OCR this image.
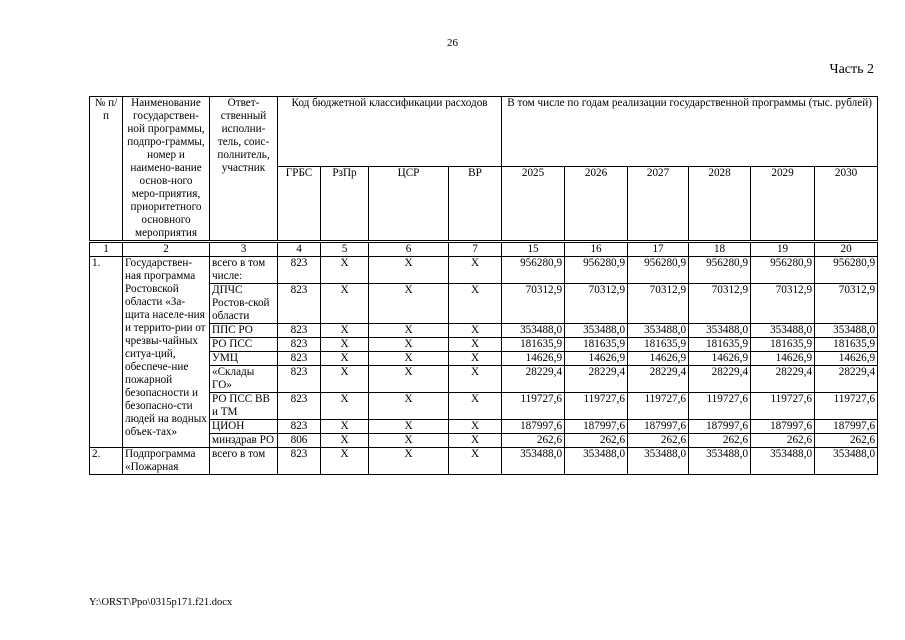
26
Часть 2
№ п/п	Наименование государствен-ной программы, подпро-граммы, номер и наимено-вание основ-ного меро-приятия, приоритетного основного мероприятия	Ответ-ственный исполни-тель, соис-полнитель, участник	Код бюджетной классификации расходов				В том числе по годам реализации государственной программы (тыс. рублей)					
			ГРБС	РзПр	ЦСР	ВР	2025	2026	2027	2028	2029	2030
1	2	3	4	5	6	7	15	16	17	18	19	20
1.	Государствен-ная программа Ростовской области «За-щита населе-ния и террито-рии от чрезвы-чайных ситуа-ций, обеспече-ние пожарной безопасности и безопасно-сти людей на водных объек-тах»	всего в том числе:	823	Х	Х	Х	956280,9	956280,9	956280,9	956280,9	956280,9	956280,9
		ДПЧС Ростов-ской области	823	Х	Х	Х	70312,9	70312,9	70312,9	70312,9	70312,9	70312,9
		ППС РО	823	Х	Х	Х	353488,0	353488,0	353488,0	353488,0	353488,0	353488,0
		РО ПСС	823	Х	Х	Х	181635,9	181635,9	181635,9	181635,9	181635,9	181635,9
		УМЦ	823	Х	Х	Х	14626,9	14626,9	14626,9	14626,9	14626,9	14626,9
		«Склады ГО»	823	Х	Х	Х	28229,4	28229,4	28229,4	28229,4	28229,4	28229,4
		РО ПСС ВВ и ТМ	823	Х	Х	Х	119727,6	119727,6	119727,6	119727,6	119727,6	119727,6
		ЦИОН	823	Х	Х	Х	187997,6	187997,6	187997,6	187997,6	187997,6	187997,6
		минздрав РО	806	Х	Х	Х	262,6	262,6	262,6	262,6	262,6	262,6
2.	Подпрограмма «Пожарная	всего в том	823	Х	Х	Х	353488,0	353488,0	353488,0	353488,0	353488,0	353488,0
Y:\ORST\Ppo\0315p171.f21.docx
